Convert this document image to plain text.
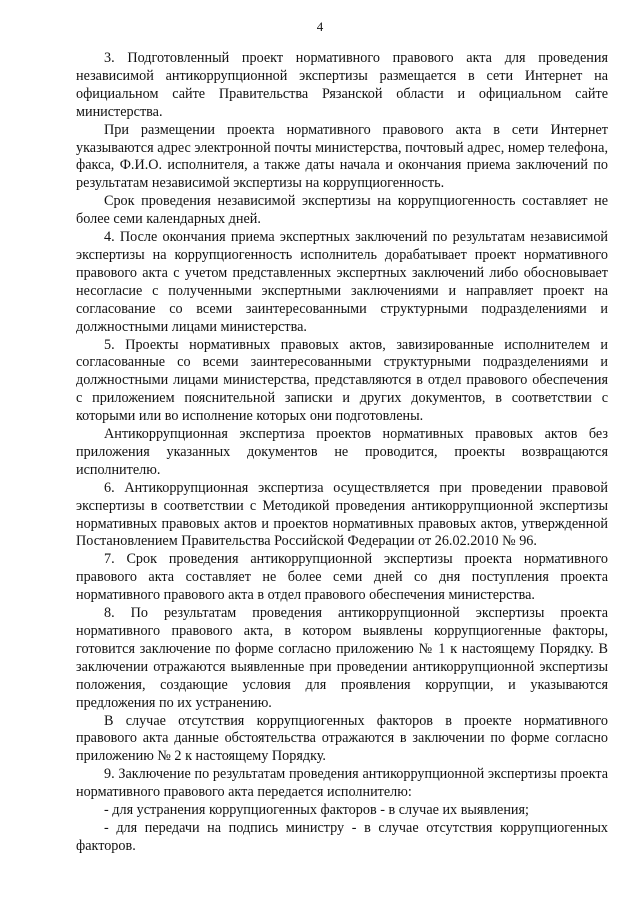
4

3. Подготовленный проект нормативного правового акта для проведения независимой антикоррупционной экспертизы размещается в сети Интернет на официальном сайте Правительства Рязанской области и официальном сайте министерства.

При размещении проекта нормативного правового акта в сети Интернет указываются адрес электронной почты министерства, почтовый адрес, номер телефона, факса, Ф.И.О. исполнителя, а также даты начала и окончания приема заключений по результатам независимой экспертизы на коррупциогенность.

Срок проведения независимой экспертизы на коррупциогенность составляет не более семи календарных дней.

4. После окончания приема экспертных заключений по результатам независимой экспертизы на коррупциогенность исполнитель дорабатывает проект нормативного правового акта с учетом представленных экспертных заключений либо обосновывает несогласие с полученными экспертными заключениями и направляет проект на согласование со всеми заинтересованными структурными подразделениями и должностными лицами министерства.

5. Проекты нормативных правовых актов, завизированные исполнителем и согласованные со всеми заинтересованными структурными подразделениями и должностными лицами министерства, представляются в отдел правового обеспечения с приложением пояснительной записки и других документов, в соответствии с которыми или во исполнение которых они подготовлены.

Антикоррупционная экспертиза проектов нормативных правовых актов без приложения указанных документов не проводится, проекты возвращаются исполнителю.

6. Антикоррупционная экспертиза осуществляется при проведении правовой экспертизы в соответствии с Методикой проведения антикоррупционной экспертизы нормативных правовых актов и проектов нормативных правовых актов, утвержденной Постановлением Правительства Российской Федерации от 26.02.2010 № 96.

7. Срок проведения антикоррупционной экспертизы проекта нормативного правового акта составляет не более семи дней со дня поступления проекта нормативного правового акта в отдел правового обеспечения министерства.

8. По результатам проведения антикоррупционной экспертизы проекта нормативного правового акта, в котором выявлены коррупциогенные факторы, готовится заключение по форме согласно приложению № 1 к настоящему Порядку. В заключении отражаются выявленные при проведении антикоррупционной экспертизы положения, создающие условия для проявления коррупции, и указываются предложения по их устранению.

В случае отсутствия коррупциогенных факторов в проекте нормативного правового акта данные обстоятельства отражаются в заключении по форме согласно приложению № 2 к настоящему Порядку.

9. Заключение по результатам проведения антикоррупционной экспертизы проекта нормативного правового акта передается исполнителю:

- для устранения коррупциогенных факторов - в случае их выявления;

- для передачи на подпись министру - в случае отсутствия коррупциогенных факторов.
